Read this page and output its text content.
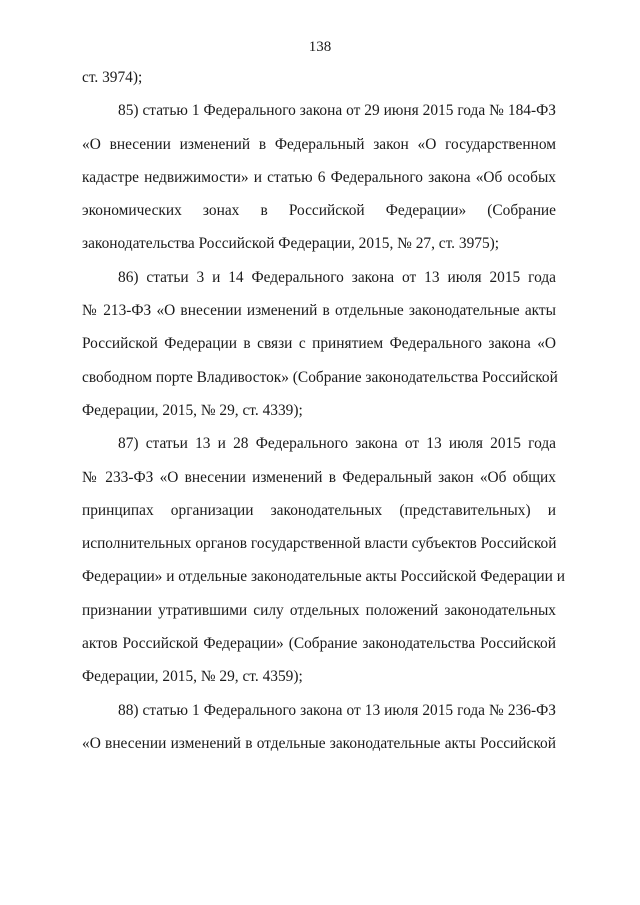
138
ст. 3974);
85) статью 1 Федерального закона от 29 июня 2015 года № 184-ФЗ
«О внесении изменений в Федеральный закон «О государственном
кадастре недвижимости» и статью 6 Федерального закона «Об особых
экономических зонах в Российской Федерации» (Собрание
законодательства Российской Федерации, 2015, № 27, ст. 3975);
86) статьи 3 и 14 Федерального закона от 13 июля 2015 года
№ 213-ФЗ «О внесении изменений в отдельные законодательные акты
Российской Федерации в связи с принятием Федерального закона «О
свободном порте Владивосток» (Собрание законодательства Российской
Федерации, 2015, № 29, ст. 4339);
87) статьи 13 и 28 Федерального закона от 13 июля 2015 года
№ 233-ФЗ «О внесении изменений в Федеральный закон «Об общих
принципах организации законодательных (представительных) и
исполнительных органов государственной власти субъектов Российской
Федерации» и отдельные законодательные акты Российской Федерации и
признании утратившими силу отдельных положений законодательных
актов Российской Федерации» (Собрание законодательства Российской
Федерации, 2015, № 29, ст. 4359);
88) статью 1 Федерального закона от 13 июля 2015 года № 236-ФЗ
«О внесении изменений в отдельные законодательные акты Российской
